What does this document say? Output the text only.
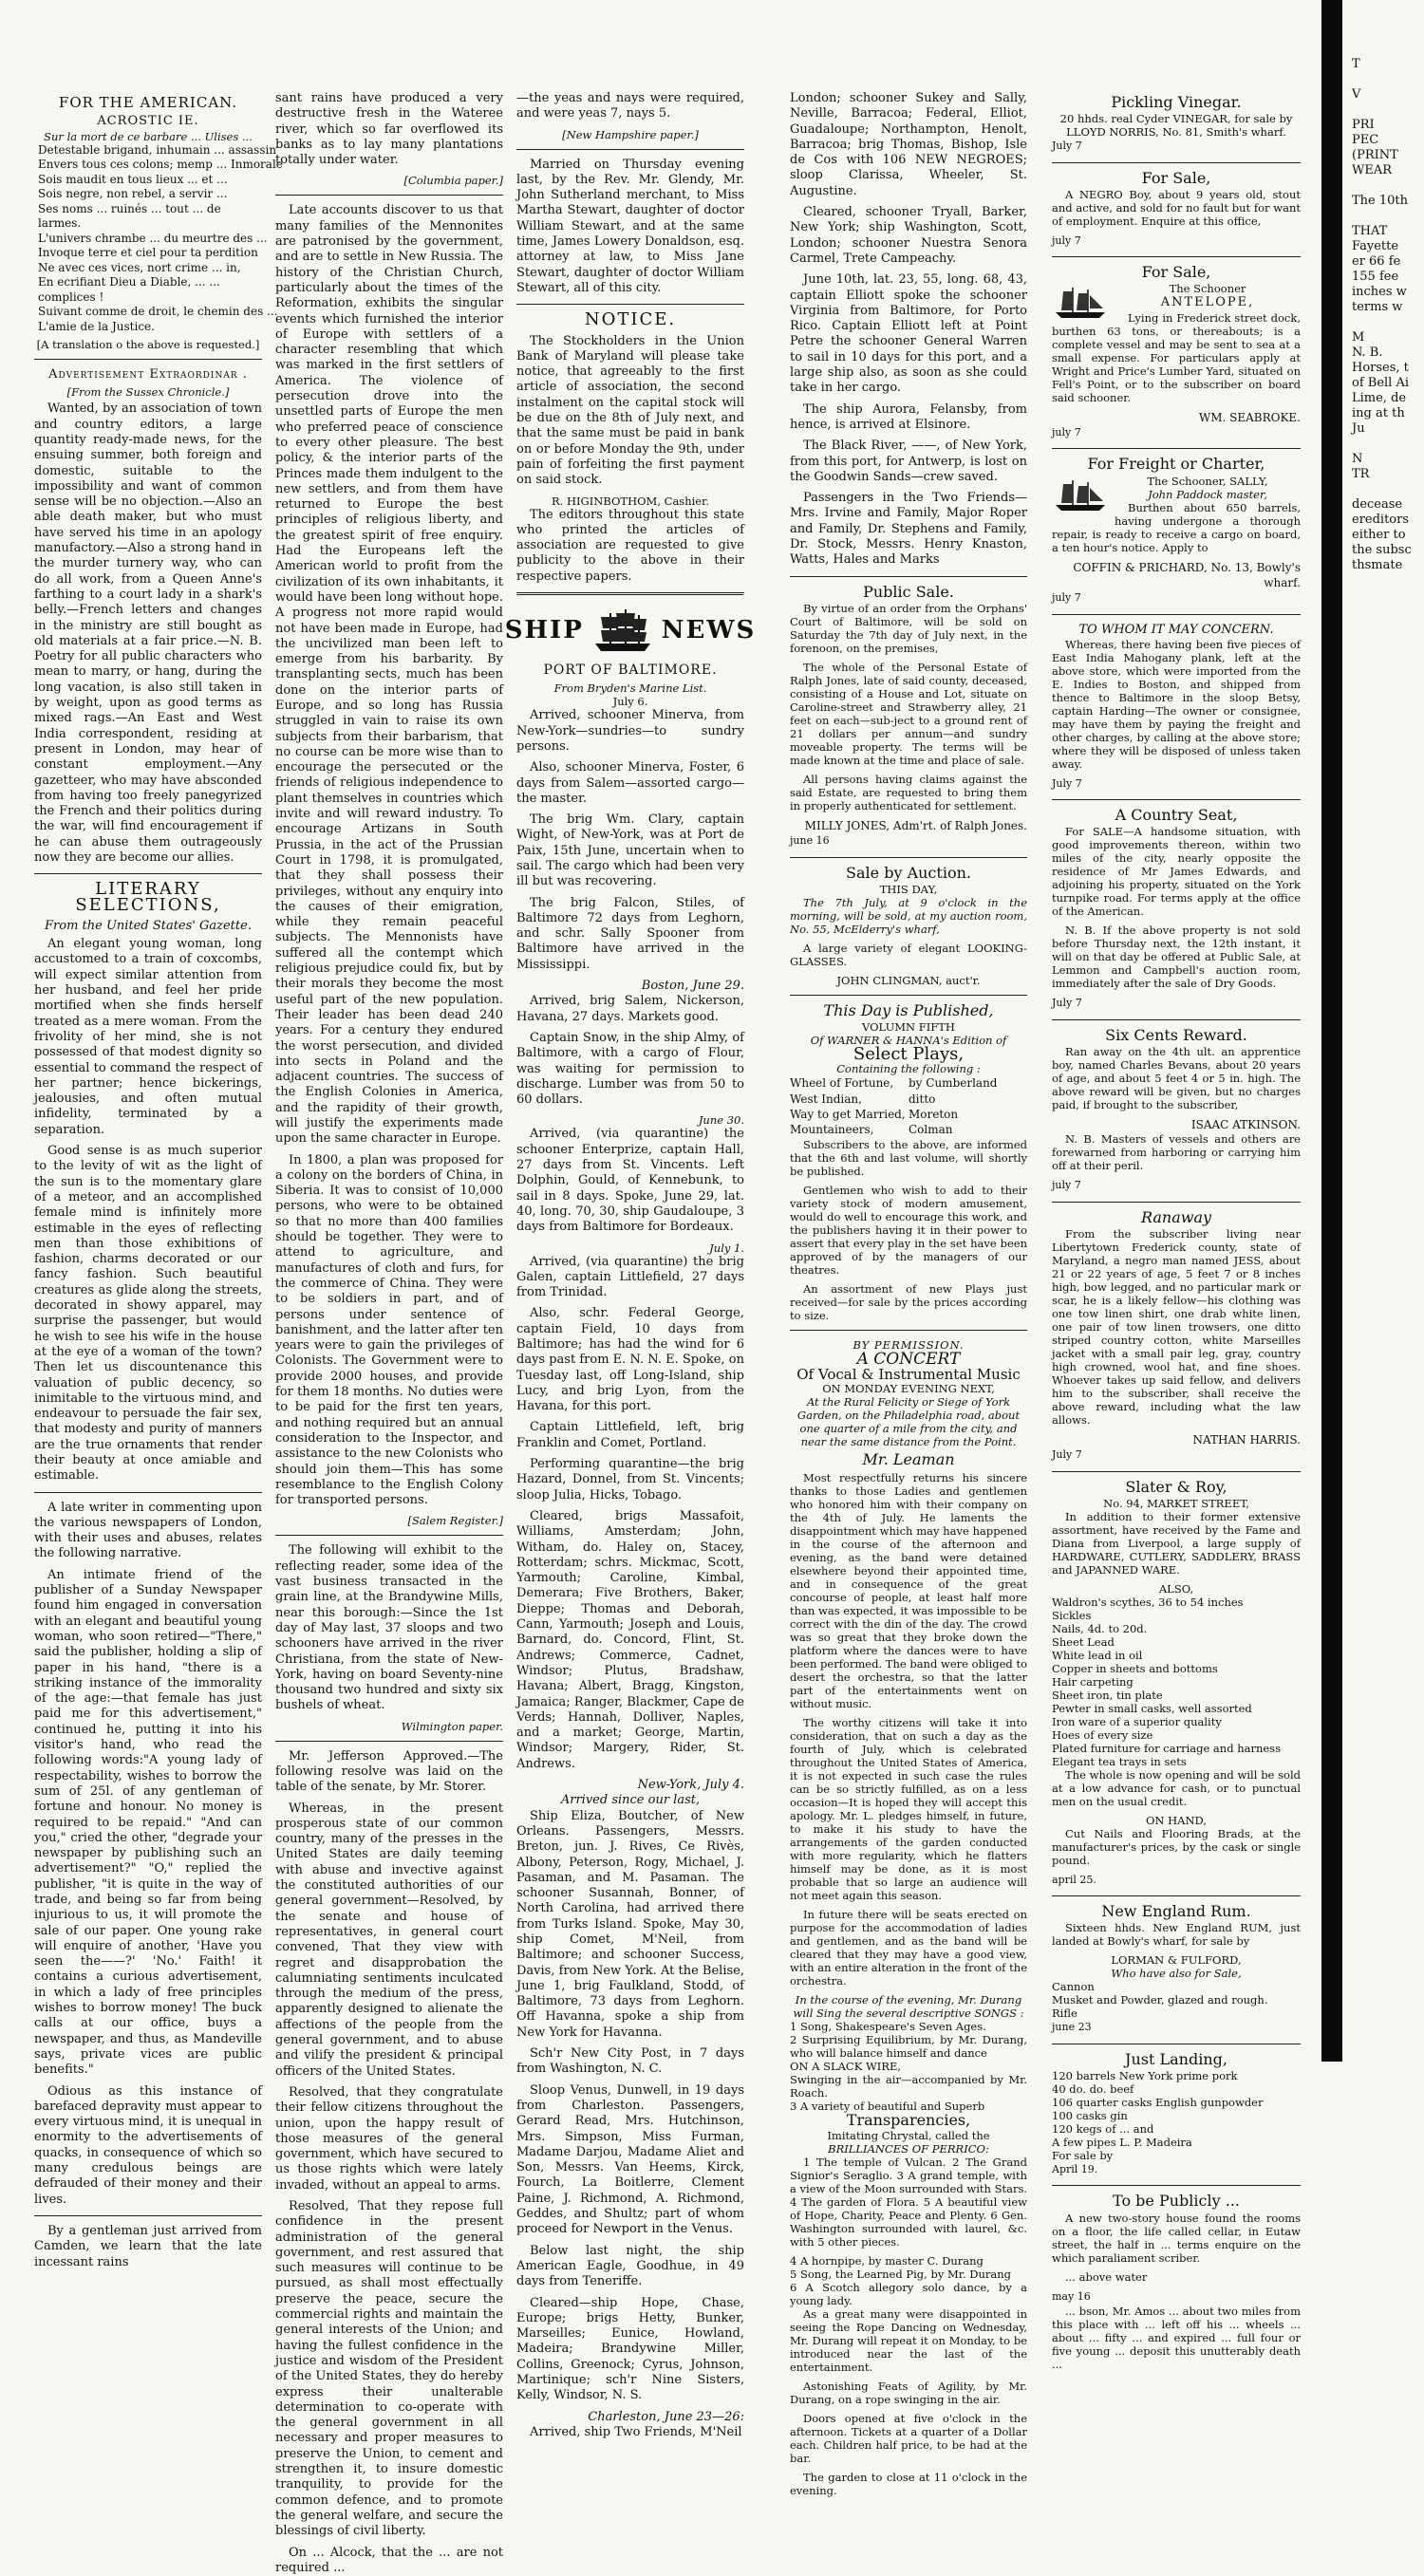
FOR THE AMERICAN.
ACROSTIC IE.
Sur la mort de ce barbare ... Ulises ...
Detestable brigand, inhumain ... assassin
Envers tous ces colons; memp ... Inmorale
Sois maudit en tous lieux ... et ...
Sois negre, non rebel, a servir ...
Ses noms ... ruinés ... tout ... de
larmes.
L'univers chrambe ... du meurtre des ...
Invoque terre et ciel pour ta perdition
Ne avec ces vices, nort crime ... in,
En ecrifiant Dieu a Diable, ... ...
complices !
Suivant comme de droit, le chemin des ...
L'amie de la Justice.
[A translation o the above is requested.]
Advertisement Extraordinar .
[From the Sussex Chronicle.]

Wanted, by an association of town and country editors, a large quantity ready-made news, for the ensuing summer, both foreign and domestic, suitable to the impossibility and want of common sense will be no objection.—Also an able death maker, but who must have served his time in an apology manufactory.—Also a strong hand in the murder turnery way, who can do all work, from a Queen Anne's farthing to a court lady in a shark's belly.—French letters and changes in the ministry are still bought as old materials at a fair price.—N. B. Poetry for all public characters who mean to marry, or hang, during the long vacation, is also still taken in by weight, upon as good terms as mixed rags.—An East and West India correspondent, residing at present in London, may hear of constant employment.—Any gazetteer, who may have absconded from having too freely panegyrized the French and their politics during the war, will find encouragement if he can abuse them outrageously now they are become our allies.

LITERARY SELECTIONS,
From the United States' Gazette.

An elegant young woman, long accustomed to a train of coxcombs, will expect similar attention from her husband, and feel her pride mortified when she finds herself treated as a mere woman. From the frivolity of her mind, she is not possessed of that modest dignity so essential to command the respect of her partner; hence bickerings, jealousies, and often mutual infidelity, terminated by a separation.

Good sense is as much superior to the levity of wit as the light of the sun is to the momentary glare of a meteor, and an accomplished female mind is infinitely more estimable in the eyes of reflecting men than those exhibitions of fashion, charms decorated or our fancy fashion. Such beautiful creatures as glide along the streets, decorated in showy apparel, may surprise the passenger, but would he wish to see his wife in the house at the eye of a woman of the town? Then let us discountenance this valuation of public decency, so inimitable to the virtuous mind, and endeavour to persuade the fair sex, that modesty and purity of manners are the true ornaments that render their beauty at once amiable and estimable.

A late writer in commenting upon the various newspapers of London, with their uses and abuses, relates the following narrative.

An intimate friend of the publisher of a Sunday Newspaper found him engaged in conversation with an elegant and beautiful young woman, who soon retired—"There," said the publisher, holding a slip of paper in his hand, "there is a striking instance of the immorality of the age:—that female has just paid me for this advertisement," continued he, putting it into his visitor's hand, who read the following words:"A young lady of respectability, wishes to borrow the sum of 25l. of any gentleman of fortune and honour. No money is required to be repaid." "And can you," cried the other, "degrade your newspaper by publishing such an advertisement?" "O," replied the publisher, "it is quite in the way of trade, and being so far from being injurious to us, it will promote the sale of our paper. One young rake will enquire of another, 'Have you seen the——?' 'No.' Faith! it contains a curious advertisement, in which a lady of free principles wishes to borrow money! The buck calls at our office, buys a newspaper, and thus, as Mandeville says, private vices are public benefits."

Odious as this instance of barefaced depravity must appear to every virtuous mind, it is unequal in enormity to the advertisements of quacks, in consequence of which so many credulous beings are defrauded of their money and their lives.

By a gentleman just arrived from Camden, we learn that the late incessant rains

sant rains have produced a very destructive fresh in the Wateree river, which so far overflowed its banks as to lay many plantations totally under water.

[Columbia paper.]

Late accounts discover to us that many families of the Mennonites are patronised by the government, and are to settle in New Russia. The history of the Christian Church, particularly about the times of the Reformation, exhibits the singular events which furnished the interior of Europe with settlers of a character resembling that which was marked in the first settlers of America. The violence of persecution drove into the unsettled parts of Europe the men who preferred peace of conscience to every other pleasure. The best policy, & the interior parts of the Princes made them indulgent to the new settlers, and from them have returned to Europe the best principles of religious liberty, and the greatest spirit of free enquiry. Had the Europeans left the American world to profit from the civilization of its own inhabitants, it would have been long without hope. A progress not more rapid would not have been made in Europe, had the uncivilized man been left to emerge from his barbarity. By transplanting sects, much has been done on the interior parts of Europe, and so long has Russia struggled in vain to raise its own subjects from their barbarism, that no course can be more wise than to encourage the persecuted or the friends of religious independence to plant themselves in countries which invite and will reward industry. To encourage Artizans in South Prussia, in the act of the Prussian Court in 1798, it is promulgated, that they shall possess their privileges, without any enquiry into the causes of their emigration, while they remain peaceful subjects. The Mennonists have suffered all the contempt which religious prejudice could fix, but by their morals they become the most useful part of the new population. Their leader has been dead 240 years. For a century they endured the worst persecution, and divided into sects in Poland and the adjacent countries. The success of the English Colonies in America, and the rapidity of their growth, will justify the experiments made upon the same character in Europe.

In 1800, a plan was proposed for a colony on the borders of China, in Siberia. It was to consist of 10,000 persons, who were to be obtained so that no more than 400 families should be together. They were to attend to agriculture, and manufactures of cloth and furs, for the commerce of China. They were to be soldiers in part, and of persons under sentence of banishment, and the latter after ten years were to gain the privileges of Colonists. The Government were to provide 2000 houses, and provide for them 18 months. No duties were to be paid for the first ten years, and nothing required but an annual consideration to the Inspector, and assistance to the new Colonists who should join them—This has some resemblance to the English Colony for transported persons.

[Salem Register.]

The following will exhibit to the reflecting reader, some idea of the vast business transacted in the grain line, at the Brandywine Mills, near this borough:—Since the 1st day of May last, 37 sloops and two schooners have arrived in the river Christiana, from the state of New-York, having on board Seventy-nine thousand two hundred and sixty six bushels of wheat.

Wilmington paper.

Mr. Jefferson Approved.—The following resolve was laid on the table of the senate, by Mr. Storer.

Whereas, in the present prosperous state of our common country, many of the presses in the United States are daily teeming with abuse and invective against the constituted authorities of our general government—Resolved, by the senate and house of representatives, in general court convened, That they view with regret and disapprobation the calumniating sentiments inculcated through the medium of the press, apparently designed to alienate the affections of the people from the general government, and to abuse and vilify the president & principal officers of the United States.

Resolved, that they congratulate their fellow citizens throughout the union, upon the happy result of those measures of the general government, which have secured to us those rights which were lately invaded, without an appeal to arms.

Resolved, That they repose full confidence in the present administration of the general government, and rest assured that such measures will continue to be pursued, as shall most effectually preserve the peace, secure the commercial rights and maintain the general interests of the Union; and having the fullest confidence in the justice and wisdom of the President of the United States, they do hereby express their unalterable determination to co-operate with the general government in all necessary and proper measures to preserve the Union, to cement and strengthen it, to insure domestic tranquility, to provide for the common defence, and to promote the general welfare, and secure the blessings of civil liberty.

On ... Alcock, that the ... are not required ...

—the yeas and nays were required, and were yeas 7, nays 5.

[New Hampshire paper.]

Married on Thursday evening last, by the Rev. Mr. Glendy, Mr. John Sutherland merchant, to Miss Martha Stewart, daughter of doctor William Stewart, and at the same time, James Lowery Donaldson, esq. attorney at law, to Miss Jane Stewart, daughter of doctor William Stewart, all of this city.

NOTICE.

The Stockholders in the Union Bank of Maryland will please take notice, that agreeably to the first article of association, the second instalment on the capital stock will be due on the 8th of July next, and that the same must be paid in bank on or before Monday the 9th, under pain of forfeiting the first payment on said stock.

R. HIGINBOTHOM, Cashier.

The editors throughout this state who printed the articles of association are requested to give publicity to the above in their respective papers.

SHIP	NEWS
PORT OF BALTIMORE.
From Bryden's Marine List.
July 6.

Arrived, schooner Minerva, from New-York—sundries—to sundry persons.

Also, schooner Minerva, Foster, 6 days from Salem—assorted cargo—the master.

The brig Wm. Clary, captain Wight, of New-York, was at Port de Paix, 15th June, uncertain when to sail. The cargo which had been very ill but was recovering.

The brig Falcon, Stiles, of Baltimore 72 days from Leghorn, and schr. Sally Spooner from Baltimore have arrived in the Mississippi.

Boston, June 29.

Arrived, brig Salem, Nickerson, Havana, 27 days. Markets good.

Captain Snow, in the ship Almy, of Baltimore, with a cargo of Flour, was waiting for permission to discharge. Lumber was from 50 to 60 dollars.

June 30.

Arrived, (via quarantine) the schooner Enterprize, captain Hall, 27 days from St. Vincents. Left Dolphin, Gould, of Kennebunk, to sail in 8 days. Spoke, June 29, lat. 40, long. 70, 30, ship Gaudaloupe, 3 days from Baltimore for Bordeaux.

July 1.

Arrived, (via quarantine) the brig Galen, captain Littlefield, 27 days from Trinidad.

Also, schr. Federal George, captain Field, 10 days from Baltimore; has had the wind for 6 days past from E. N. N. E. Spoke, on Tuesday last, off Long-Island, ship Lucy, and brig Lyon, from the Havana, for this port.

Captain Littlefield, left, brig Franklin and Comet, Portland.

Performing quarantine—the brig Hazard, Donnel, from St. Vincents; sloop Julia, Hicks, Tobago.

Cleared, brigs Massafoit, Williams, Amsterdam; John, Witham, do. Haley on, Stacey, Rotterdam; schrs. Mickmac, Scott, Yarmouth; Caroline, Kimbal, Demerara; Five Brothers, Baker, Dieppe; Thomas and Deborah, Cann, Yarmouth; Joseph and Louis, Barnard, do. Concord, Flint, St. Andrews; Commerce, Cadnet, Windsor; Plutus, Bradshaw, Havana; Albert, Bragg, Kingston, Jamaica; Ranger, Blackmer, Cape de Verds; Hannah, Dolliver, Naples, and a market; George, Martin, Windsor; Margery, Rider, St. Andrews.

New-York, July 4.
Arrived since our last,

Ship Eliza, Boutcher, of New Orleans. Passengers, Messrs. Breton, jun. J. Rives, Ce Rivès, Albony, Peterson, Rogy, Michael, J. Pasaman, and M. Pasaman. The schooner Susannah, Bonner, of North Carolina, had arrived there from Turks Island. Spoke, May 30, ship Comet, M'Neil, from Baltimore; and schooner Success, Davis, from New York. At the Belise, June 1, brig Faulkland, Stodd, of Baltimore, 73 days from Leghorn. Off Havanna, spoke a ship from New York for Havanna.

Sch'r New City Post, in 7 days from Washington, N. C.

Sloop Venus, Dunwell, in 19 days from Charleston. Passengers, Gerard Read, Mrs. Hutchinson, Mrs. Simpson, Miss Furman, Madame Darjou, Madame Aliet and Son, Messrs. Van Heems, Kirck, Fourch, La Boitlerre, Clement Paine, J. Richmond, A. Richmond, Geddes, and Shultz; part of whom proceed for Newport in the Venus.

Below last night, the ship American Eagle, Goodhue, in 49 days from Teneriffe.

Cleared—ship Hope, Chase, Europe; brigs Hetty, Bunker, Marseilles; Eunice, Howland, Madeira; Brandywine Miller, Collins, Greenock; Cyrus, Johnson, Martinique; sch'r Nine Sisters, Kelly, Windsor, N. S.

Charleston, June 23—26:

Arrived, ship Two Friends, M'Neil

London; schooner Sukey and Sally, Neville, Barracoa; Federal, Elliot, Guadaloupe; Northampton, Henolt, Barracoa; brig Thomas, Bishop, Isle de Cos with 106 NEW NEGROES; sloop Clarissa, Wheeler, St. Augustine.

Cleared, schooner Tryall, Barker, New York; ship Washington, Scott, London; schooner Nuestra Senora Carmel, Trete Campeachy.

June 10th, lat. 23, 55, long. 68, 43, captain Elliott spoke the schooner Virginia from Baltimore, for Porto Rico. Captain Elliott left at Point Petre the schooner General Warren to sail in 10 days for this port, and a large ship also, as soon as she could take in her cargo.

The ship Aurora, Felansby, from hence, is arrived at Elsinore.

The Black River, ——, of New York, from this port, for Antwerp, is lost on the Goodwin Sands—crew saved.

Passengers in the Two Friends—Mrs. Irvine and Family, Major Roper and Family, Dr. Stephens and Family, Dr. Stock, Messrs. Henry Knaston, Watts, Hales and Marks

Public Sale.

By virtue of an order from the Orphans' Court of Baltimore, will be sold on Saturday the 7th day of July next, in the forenoon, on the premises,

The whole of the Personal Estate of Ralph Jones, late of said county, deceased, consisting of a House and Lot, situate on Caroline-street and Strawberry alley, 21 feet on each—sub-ject to a ground rent of 21 dollars per annum—and sundry moveable property. The terms will be made known at the time and place of sale.

All persons having claims against the said Estate, are requested to bring them in properly authenticated for settlement.

MILLY JONES, Adm'rt. of Ralph Jones.
june 16
Sale by Auction.
THIS DAY,

The 7th July, at 9 o'clock in the morning, will be sold, at my auction room, No. 55, McElderry's wharf,

A large variety of elegant LOOKING-GLASSES.

JOHN CLINGMAN, auct'r.
This Day is Published,
VOLUMN FIFTH
Of WARNER & HANNA's Edition of
Select Plays,
Containing the following :
Wheel of Fortune,	by Cumberland
West Indian,	ditto
Way to get Married, Moreton
Mountaineers,	Colman

Subscribers to the above, are informed that the 6th and last volume, will shortly be published.

Gentlemen who wish to add to their variety stock of modern amusement, would do well to encourage this work, and the publishers having it in their power to assert that every play in the set have been approved of by the managers of our theatres.

An assortment of new Plays just received—for sale by the prices according to size.

BY PERMISSION.
A CONCERT
Of Vocal & Instrumental Music
ON MONDAY EVENING NEXT,
At the Rural Felicity or Siege of York Garden, on the Philadelphia road, about one quarter of a mile from the city, and near the same distance from the Point.
Mr. Leaman

Most respectfully returns his sincere thanks to those Ladies and gentlemen who honored him with their company on the 4th of July. He laments the disappointment which may have happened in the course of the afternoon and evening, as the band were detained elsewhere beyond their appointed time, and in consequence of the great concourse of people, at least half more than was expected, it was impossible to be correct with the din of the day. The crowd was so great that they broke down the platform where the dances were to have been performed. The band were obliged to desert the orchestra, so that the latter part of the entertainments went on without music.

The worthy citizens will take it into consideration, that on such a day as the fourth of July, which is celebrated throughout the United States of America, it is not expected in such case the rules can be so strictly fulfilled, as on a less occasion—It is hoped they will accept this apology. Mr. L. pledges himself, in future, to make it his study to have the arrangements of the garden conducted with more regularity, which he flatters himself may be done, as it is most probable that so large an audience will not meet again this season.

In future there will be seats erected on purpose for the accommodation of ladies and gentlemen, and as the band will be cleared that they may have a good view, with an entire alteration in the front of the orchestra.

In the course of the evening, Mr. Durang will Sing the several descriptive SONGS :
1 Song, Shakespeare's Seven Ages.
2 Surprising Equilibrium, by Mr. Durang, who will balance himself and dance
ON A SLACK WIRE,
Swinging in the air—accompanied by Mr. Roach.
3 A variety of beautiful and Superb
Transparencies,
Imitating Chrystal, called the
BRILLIANCES OF PERRICO:

1 The temple of Vulcan. 2 The Grand Signior's Seraglio. 3 A grand temple, with a view of the Moon surrounded with Stars. 4 The garden of Flora. 5 A beautiful view of Hope, Charity, Peace and Plenty. 6 Gen. Washington surrounded with laurel, &c. with 5 other pieces.

4 A hornpipe, by master C. Durang
5 Song, the Learned Pig, by Mr. Durang
6 A Scotch allegory solo dance, by a young lady.

As a great many were disappointed in seeing the Rope Dancing on Wednesday, Mr. Durang will repeat it on Monday, to be introduced near the last of the entertainment.

Astonishing Feats of Agility, by Mr. Durang, on a rope swinging in the air.

Doors opened at five o'clock in the afternoon. Tickets at a quarter of a Dollar each. Children half price, to be had at the bar.

The garden to close at 11 o'clock in the evening.

Pickling Vinegar.
20 hhds. real Cyder VINEGAR, for sale by LLOYD NORRIS, No. 81, Smith's wharf.
July 7
For Sale,

A NEGRO Boy, about 9 years old, stout and active, and sold for no fault but for want of employment. Enquire at this office,

july 7
For Sale,
The Schooner
ANTELOPE,

Lying in Frederick street dock, burthen 63 tons, or thereabouts; is a complete vessel and may be sent to sea at a small expense. For particulars apply at Wright and Price's Lumber Yard, situated on Fell's Point, or to the subscriber on board said schooner.

WM. SEABROKE.
july 7
For Freight or Charter,
The Schooner, SALLY,
John Paddock master,

Burthen about 650 barrels, having undergone a thorough repair, is ready to receive a cargo on board, a ten hour's notice. Apply to

COFFIN & PRICHARD, No. 13, Bowly's wharf.
july 7
TO WHOM IT MAY CONCERN.

Whereas, there having been five pieces of East India Mahogany plank, left at the above store, which were imported from the E. Indies to Boston, and shipped from thence to Baltimore in the sloop Betsy, captain Harding—The owner or consignee, may have them by paying the freight and other charges, by calling at the above store; where they will be disposed of unless taken away.

July 7
A Country Seat,

For SALE—A handsome situation, with good improvements thereon, within two miles of the city, nearly opposite the residence of Mr James Edwards, and adjoining his property, situated on the York turnpike road. For terms apply at the office of the American.

N. B. If the above property is not sold before Thursday next, the 12th instant, it will on that day be offered at Public Sale, at Lemmon and Campbell's auction room, immediately after the sale of Dry Goods.

July 7
Six Cents Reward.

Ran away on the 4th ult. an apprentice boy, named Charles Bevans, about 20 years of age, and about 5 feet 4 or 5 in. high. The above reward will be given, but no charges paid, if brought to the subscriber,

ISAAC ATKINSON.

N. B. Masters of vessels and others are forewarned from harboring or carrying him off at their peril.

july 7
Ranaway

From the subscriber living near Libertytown Frederick county, state of Maryland, a negro man named JESS, about 21 or 22 years of age, 5 feet 7 or 8 inches high, bow legged, and no particular mark or scar, he is a likely fellow—his clothing was one tow linen shirt, one drab white linen, one pair of tow linen trowsers, one ditto striped country cotton, white Marseilles jacket with a small pair leg, gray, country high crowned, wool hat, and fine shoes. Whoever takes up said fellow, and delivers him to the subscriber, shall receive the above reward, including what the law allows.

NATHAN HARRIS.
July 7
Slater & Roy,
No. 94, MARKET STREET,

In addition to their former extensive assortment, have received by the Fame and Diana from Liverpool, a large supply of HARDWARE, CUTLERY, SADDLERY, BRASS and JAPANNED WARE.

ALSO,
Waldron's scythes, 36 to 54 inches
Sickles
Nails, 4d. to 20d.
Sheet Lead
White lead in oil
Copper in sheets and bottoms
Hair carpeting
Sheet iron, tin plate
Pewter in small casks, well assorted
Iron ware of a superior quality
Hoes of every size
Plated furniture for carriage and harness
Elegant tea trays in sets

The whole is now opening and will be sold at a low advance for cash, or to punctual men on the usual credit.

ON HAND,

Cut Nails and Flooring Brads, at the manufacturer's prices, by the cask or single pound.

april 25.
New England Rum.

Sixteen hhds. New England RUM, just landed at Bowly's wharf, for sale by

LORMAN & FULFORD,
Who have also for Sale,
Cannon
Musket and Powder, glazed and rough.
Rifle
june 23
Just Landing,
120 barrels New York prime pork
40 do. do. beef
106 quarter casks English gunpowder
100 casks gin
120 kegs of ... and
A few pipes L. P. Madeira
For sale by
April 19.
To be Publicly ...

A new two-story house found the rooms on a floor, the life called cellar, in Eutaw street, the half in ... terms enquire on the which paraliament scriber.

... above water

may 16

... bson, Mr. Amos ... about two miles from this place with ... left off his ... wheels ... about ... fifty ... and expired ... full four or five young ... deposit this unutterably death ...

T

V

PRI
PEC
(PRINT
WEAR

The 10th

THAT
Fayette
er 66 fe
155 fee
inches w
terms w

M
N. B.
Horses, t
of Bell Ai
Lime, de
ing at th
Ju

N
TR

decease
ereditors
either to
the subsc
thsmate
